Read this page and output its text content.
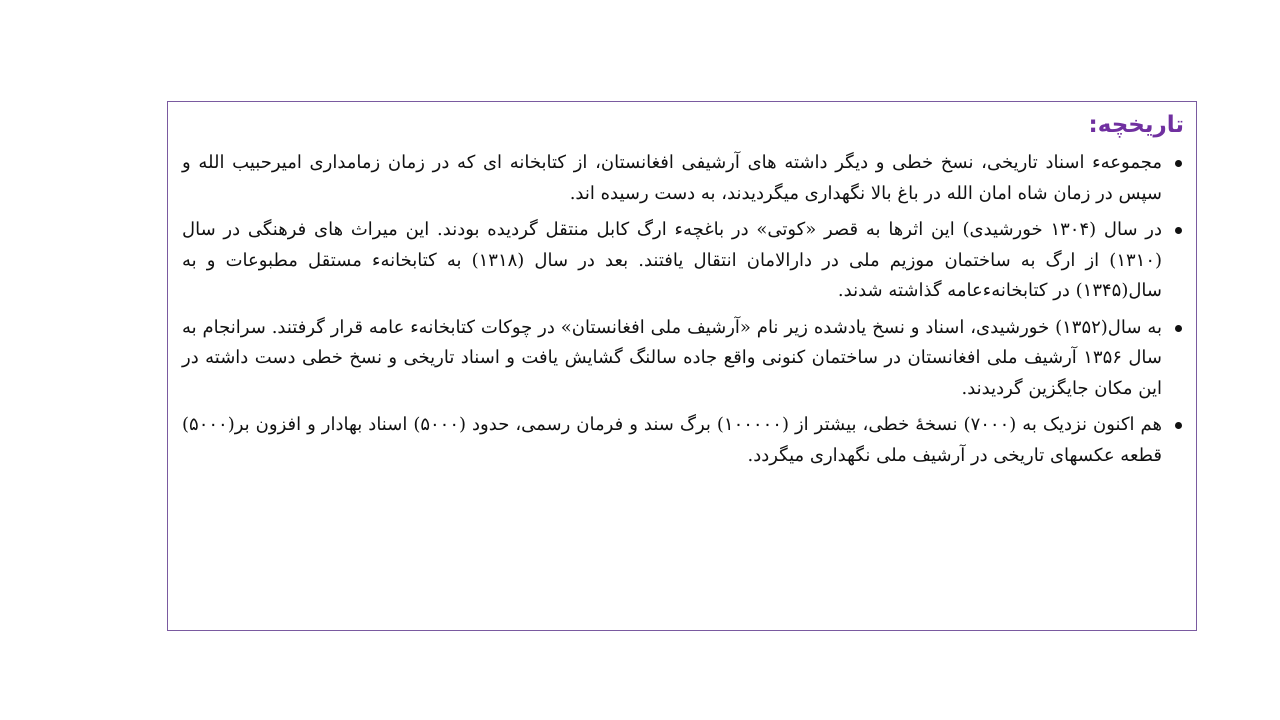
تاریخچه:
مجموعهء اسناد تاریخی، نسخ خطی و دیگر داشته های آرشیفی افغانستان، از کتابخانه ای که در زمان زمامداری امیرحبیب الله و سپس در زمان شاه امان الله در باغ بالا نگهداری میگردیدند، به دست رسیده اند.
در سال (۱۳۰۴ خورشیدی) این اثرها به قصر «کوتی» در باغچهء ارگ کابل منتقل گردیده بودند. این میراث های فرهنگی در سال (۱۳۱۰) از ارگ به ساختمان موزیم ملی در دارالامان انتقال یافتند. بعد در سال (۱۳۱۸) به کتابخانهء مستقل مطبوعات و به سال(۱۳۴۵) در کتابخانهءعامه گذاشته شدند.
به سال(۱۳۵۲) خورشیدی، اسناد و نسخ یادشده زیر نام «آرشیف ملی افغانستان» در چوکات کتابخانهء عامه قرار گرفتند. سرانجام به سال ۱۳۵۶ آرشیف ملی افغانستان در ساختمان کنونی واقع جاده سالنگ گشایش یافت و اسناد تاریخی و نسخ خطی دست داشته در این مکان جایگزین گردیدند.
هم اکنون نزدیک به (۷۰۰۰) نسخهٔ خطی، بیشتر از (۱۰۰۰۰۰) برگ سند و فرمان رسمی، حدود (۵۰۰۰) اسناد بهادار و افزون بر(۵۰۰۰) قطعه عکسهای تاریخی در آرشیف ملی نگهداری میگردد.
